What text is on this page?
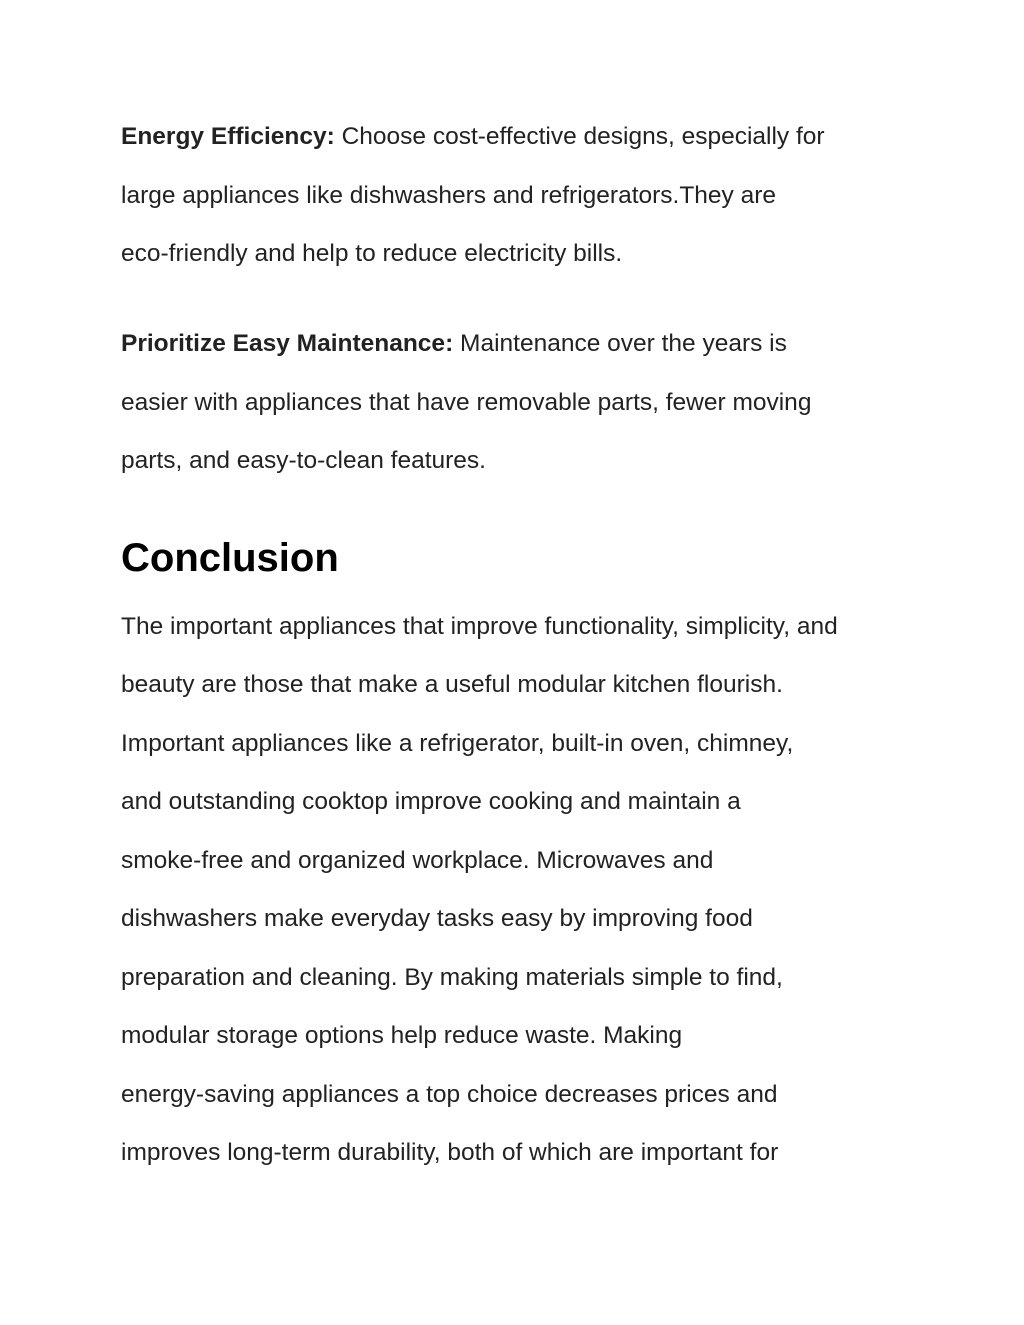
Energy Efficiency: Choose cost-effective designs, especially for
large appliances like dishwashers and refrigerators.They are
eco-friendly and help to reduce electricity bills.
Prioritize Easy Maintenance: Maintenance over the years is
easier with appliances that have removable parts, fewer moving
parts, and easy-to-clean features.
Conclusion
The important appliances that improve functionality, simplicity, and
beauty are those that make a useful modular kitchen flourish.
Important appliances like a refrigerator, built-in oven, chimney,
and outstanding cooktop improve cooking and maintain a
smoke-free and organized workplace. Microwaves and
dishwashers make everyday tasks easy by improving food
preparation and cleaning. By making materials simple to find,
modular storage options help reduce waste. Making
energy-saving appliances a top choice decreases prices and
improves long-term durability, both of which are important for
